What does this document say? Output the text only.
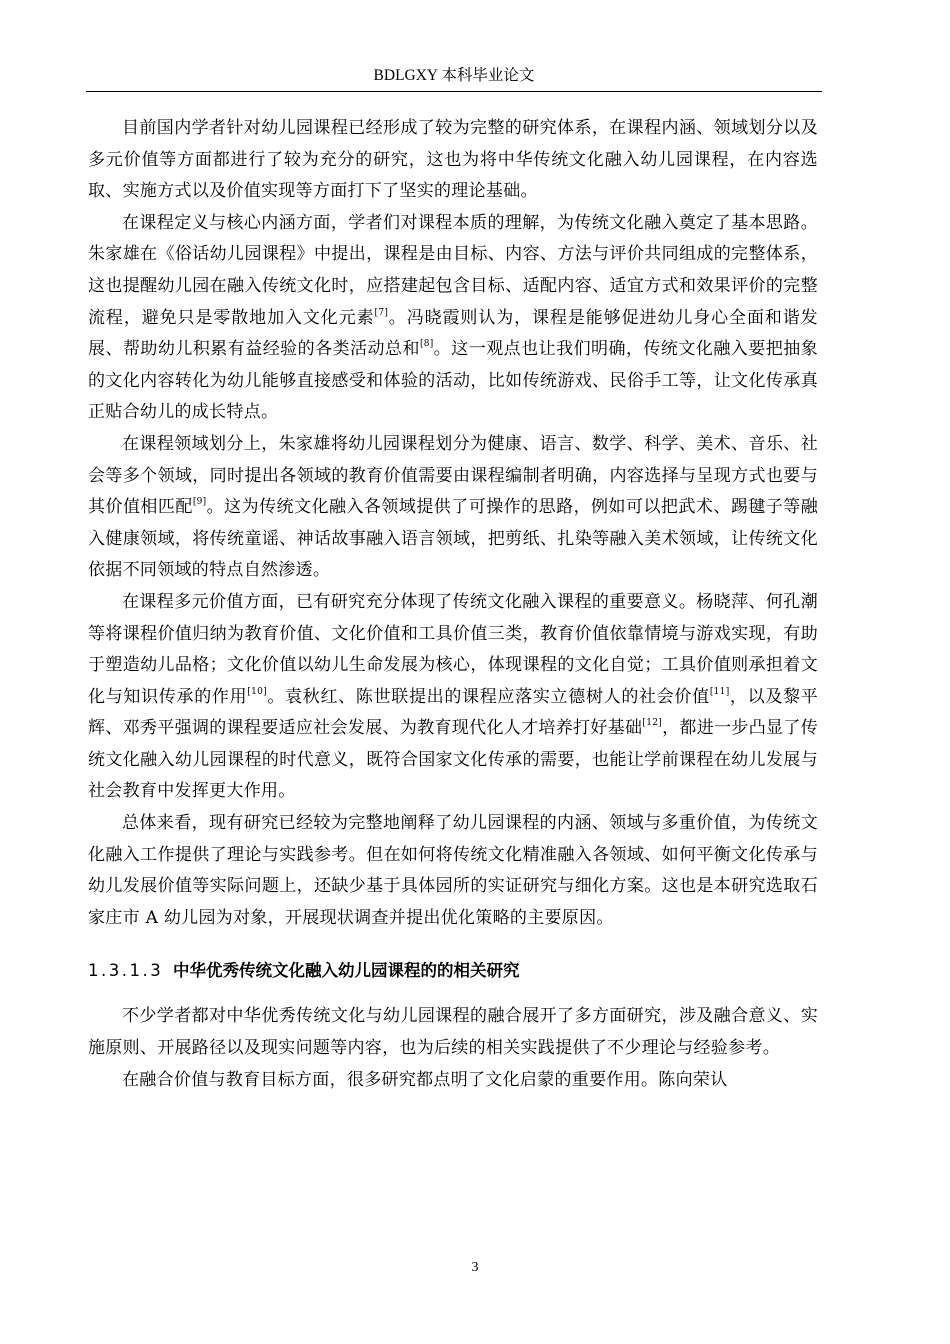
BDLGXY 本科毕业论文

目前国内学者针对幼儿园课程已经形成了较为完整的研究体系，在课程内涵、领域划分以及多元价值等方面都进行了较为充分的研究，这也为将中华传统文化融入幼儿园课程，在内容选取、实施方式以及价值实现等方面打下了坚实的理论基础。

在课程定义与核心内涵方面，学者们对课程本质的理解，为传统文化融入奠定了基本思路。朱家雄在《俗话幼儿园课程》中提出，课程是由目标、内容、方法与评价共同组成的完整体系，这也提醒幼儿园在融入传统文化时，应搭建起包含目标、适配内容、适宜方式和效果评价的完整流程，避免只是零散地加入文化元素[7]。冯晓霞则认为，课程是能够促进幼儿身心全面和谐发展、帮助幼儿积累有益经验的各类活动总和[8]。这一观点也让我们明确，传统文化融入要把抽象的文化内容转化为幼儿能够直接感受和体验的活动，比如传统游戏、民俗手工等，让文化传承真正贴合幼儿的成长特点。

在课程领域划分上，朱家雄将幼儿园课程划分为健康、语言、数学、科学、美术、音乐、社会等多个领域，同时提出各领域的教育价值需要由课程编制者明确，内容选择与呈现方式也要与其价值相匹配[9]。这为传统文化融入各领域提供了可操作的思路，例如可以把武术、踢毽子等融入健康领域，将传统童谣、神话故事融入语言领域，把剪纸、扎染等融入美术领域，让传统文化依据不同领域的特点自然渗透。

在课程多元价值方面，已有研究充分体现了传统文化融入课程的重要意义。杨晓萍、何孔潮等将课程价值归纳为教育价值、文化价值和工具价值三类，教育价值依靠情境与游戏实现，有助于塑造幼儿品格；文化价值以幼儿生命发展为核心，体现课程的文化自觉；工具价值则承担着文化与知识传承的作用[10]。袁秋红、陈世联提出的课程应落实立德树人的社会价值[11]，以及黎平辉、邓秀平强调的课程要适应社会发展、为教育现代化人才培养打好基础[12]，都进一步凸显了传统文化融入幼儿园课程的时代意义，既符合国家文化传承的需要，也能让学前课程在幼儿发展与社会教育中发挥更大作用。

总体来看，现有研究已经较为完整地阐释了幼儿园课程的内涵、领域与多重价值，为传统文化融入工作提供了理论与实践参考。但在如何将传统文化精准融入各领域、如何平衡文化传承与幼儿发展价值等实际问题上，还缺少基于具体园所的实证研究与细化方案。这也是本研究选取石家庄市 A 幼儿园为对象，开展现状调查并提出优化策略的主要原因。

1.3.1.3 中华优秀传统文化融入幼儿园课程的的相关研究

不少学者都对中华优秀传统文化与幼儿园课程的融合展开了多方面研究，涉及融合意义、实施原则、开展路径以及现实问题等内容，也为后续的相关实践提供了不少理论与经验参考。

在融合价值与教育目标方面，很多研究都点明了文化启蒙的重要作用。陈向荣认

3
